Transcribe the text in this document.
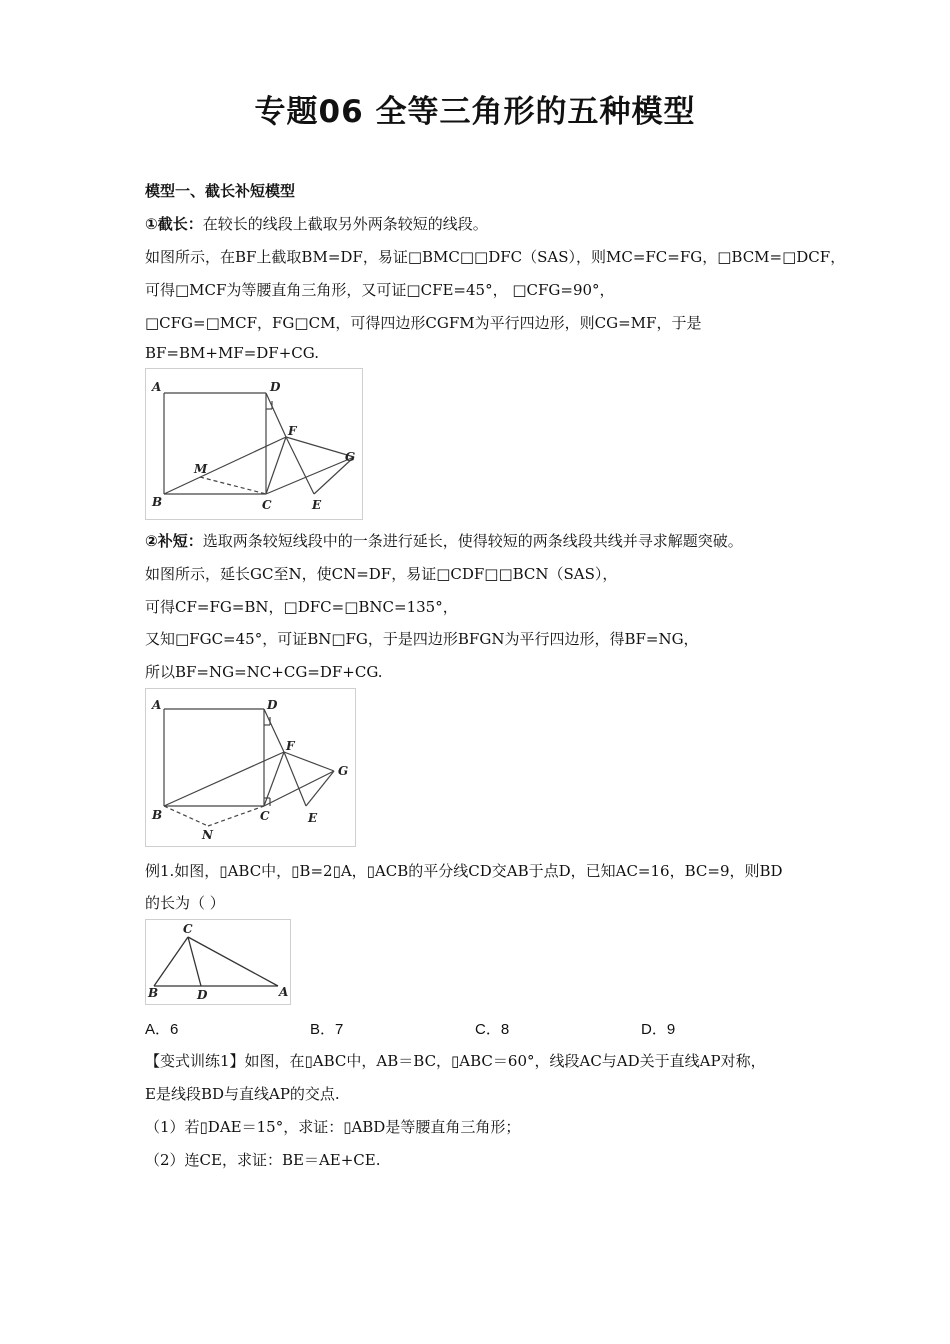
专题06 全等三角形的五种模型
模型一、截长补短模型
①截长：在较长的线段上截取另外两条较短的线段。
如图所示，在BF上截取BM=DF，易证□BMC□□DFC（SAS），则MC=FC=FG，□BCM=□DCF，
可得□MCF为等腰直角三角形，又可证□CFE=45°， □CFG=90°，
□CFG=□MCF，FG□CM，可得四边形CGFM为平行四边形，则CG=MF，于是
BF=BM+MF=DF+CG.
A	D
F
G
M
B	C	E
②补短：选取两条较短线段中的一条进行延长，使得较短的两条线段共线并寻求解题突破。
如图所示，延长GC至N，使CN=DF，易证□CDF□□BCN（SAS），
可得CF=FG=BN，□DFC=□BNC=135°，
又知□FGC=45°，可证BN□FG，于是四边形BFGN为平行四边形，得BF=NG，
所以BF=NG=NC+CG=DF+CG.
A	D
F
G
B	C	E
N
例1.如图，▯ABC中，▯B=2▯A，▯ACB的平分线CD交AB于点D，已知AC=16，BC=9，则BD
的长为（ ）
C
B	D	A
A．6	B．7	C．8	D．9
【变式训练1】如图，在▯ABC中，AB＝BC，▯ABC＝60°，线段AC与AD关于直线AP对称，
E是线段BD与直线AP的交点.
（1）若▯DAE＝15°，求证：▯ABD是等腰直角三角形；
（2）连CE，求证：BE＝AE+CE.
